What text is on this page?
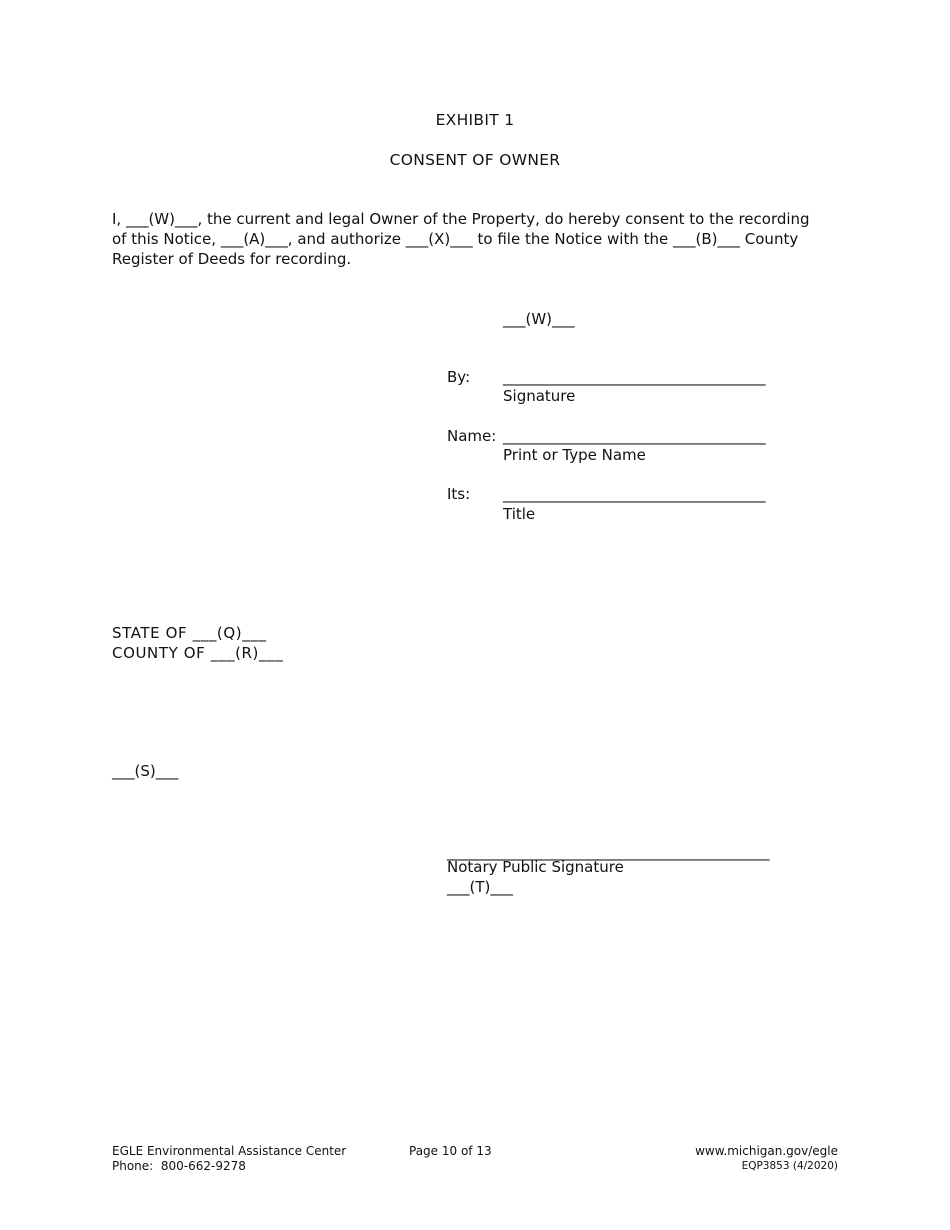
EXHIBIT 1
CONSENT OF OWNER
I, ___(W)___, the current and legal Owner of the Property, do hereby consent to the recording
of this Notice, ___(A)___, and authorize ___(X)___ to file the Notice with the ___(B)___ County
Register of Deeds for recording.
___(W)___
By: ___________________________________
Signature
Name: ___________________________________
Print or Type Name
Its: ___________________________________
Title
STATE OF ___(Q)___
COUNTY OF ___(R)___
___(S)___
___________________________________________
Notary Public Signature
___(T)___
EGLE Environmental Assistance Center
Phone:  800-662-9278
Page 10 of 13	www.michigan.gov/egle
EQP3853 (4/2020)
